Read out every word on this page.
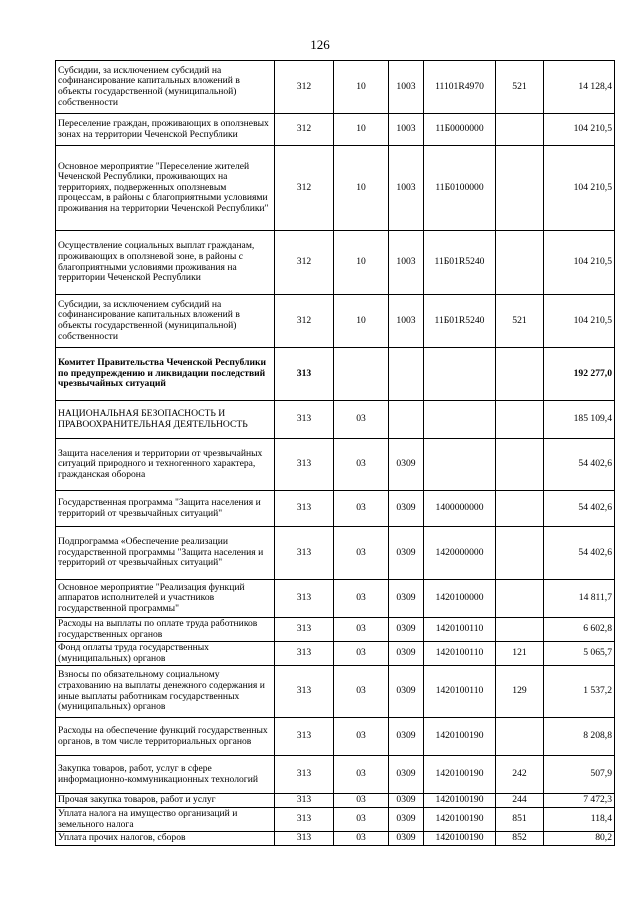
126
Субсидии, за исключением субсидий на софинансирование капитальных вложений в объекты государственной (муниципальной) собственности	312	10	1003	11101R4970	521	14 128,4
Переселение граждан, проживающих в оползневых зонах на территории Чеченской Республики	312	10	1003	11Б0000000		104 210,5
Основное мероприятие "Переселение жителей Чеченской Республики, проживающих на территориях, подверженных оползневым процессам, в районы с благоприятными условиями проживания на территории Чеченской Республики"	312	10	1003	11Б0100000		104 210,5
Осуществление социальных выплат гражданам, проживающих в оползневой зоне, в районы с благоприятными условиями проживания на территории Чеченской Республики	312	10	1003	11Б01R5240		104 210,5
Субсидии, за исключением субсидий на софинансирование капитальных вложений в объекты государственной (муниципальной) собственности	312	10	1003	11Б01R5240	521	104 210,5
Комитет Правительства Чеченской Республики по предупреждению и ликвидации последствий чрезвычайных ситуаций	313					192 277,0
НАЦИОНАЛЬНАЯ БЕЗОПАСНОСТЬ И ПРАВООХРАНИТЕЛЬНАЯ ДЕЯТЕЛЬНОСТЬ	313	03				185 109,4
Защита населения и территории от чрезвычайных ситуаций природного и техногенного характера, гражданская оборона	313	03	0309			54 402,6
Государственная программа "Защита населения и территорий от чрезвычайных ситуаций"	313	03	0309	1400000000		54 402,6
Подпрограмма «Обеспечение реализации государственной программы "Защита населения и территорий от чрезвычайных ситуаций"	313	03	0309	1420000000		54 402,6
Основное мероприятие "Реализация функций аппаратов исполнителей и участников государственной программы"	313	03	0309	1420100000		14 811,7
Расходы на выплаты по оплате труда работников государственных органов	313	03	0309	1420100110		6 602,8
Фонд оплаты труда государственных (муниципальных) органов	313	03	0309	1420100110	121	5 065,7
Взносы по обязательному социальному страхованию на выплаты денежного содержания и иные выплаты работникам государственных (муниципальных) органов	313	03	0309	1420100110	129	1 537,2
Расходы на обеспечение функций государственных органов, в том числе территориальных органов	313	03	0309	1420100190		8 208,8
Закупка товаров, работ, услуг в сфере информационно-коммуникационных технологий	313	03	0309	1420100190	242	507,9
Прочая закупка товаров, работ и услуг	313	03	0309	1420100190	244	7 472,3
Уплата налога на имущество организаций и земельного налога	313	03	0309	1420100190	851	118,4
Уплата прочих налогов, сборов	313	03	0309	1420100190	852	80,2
